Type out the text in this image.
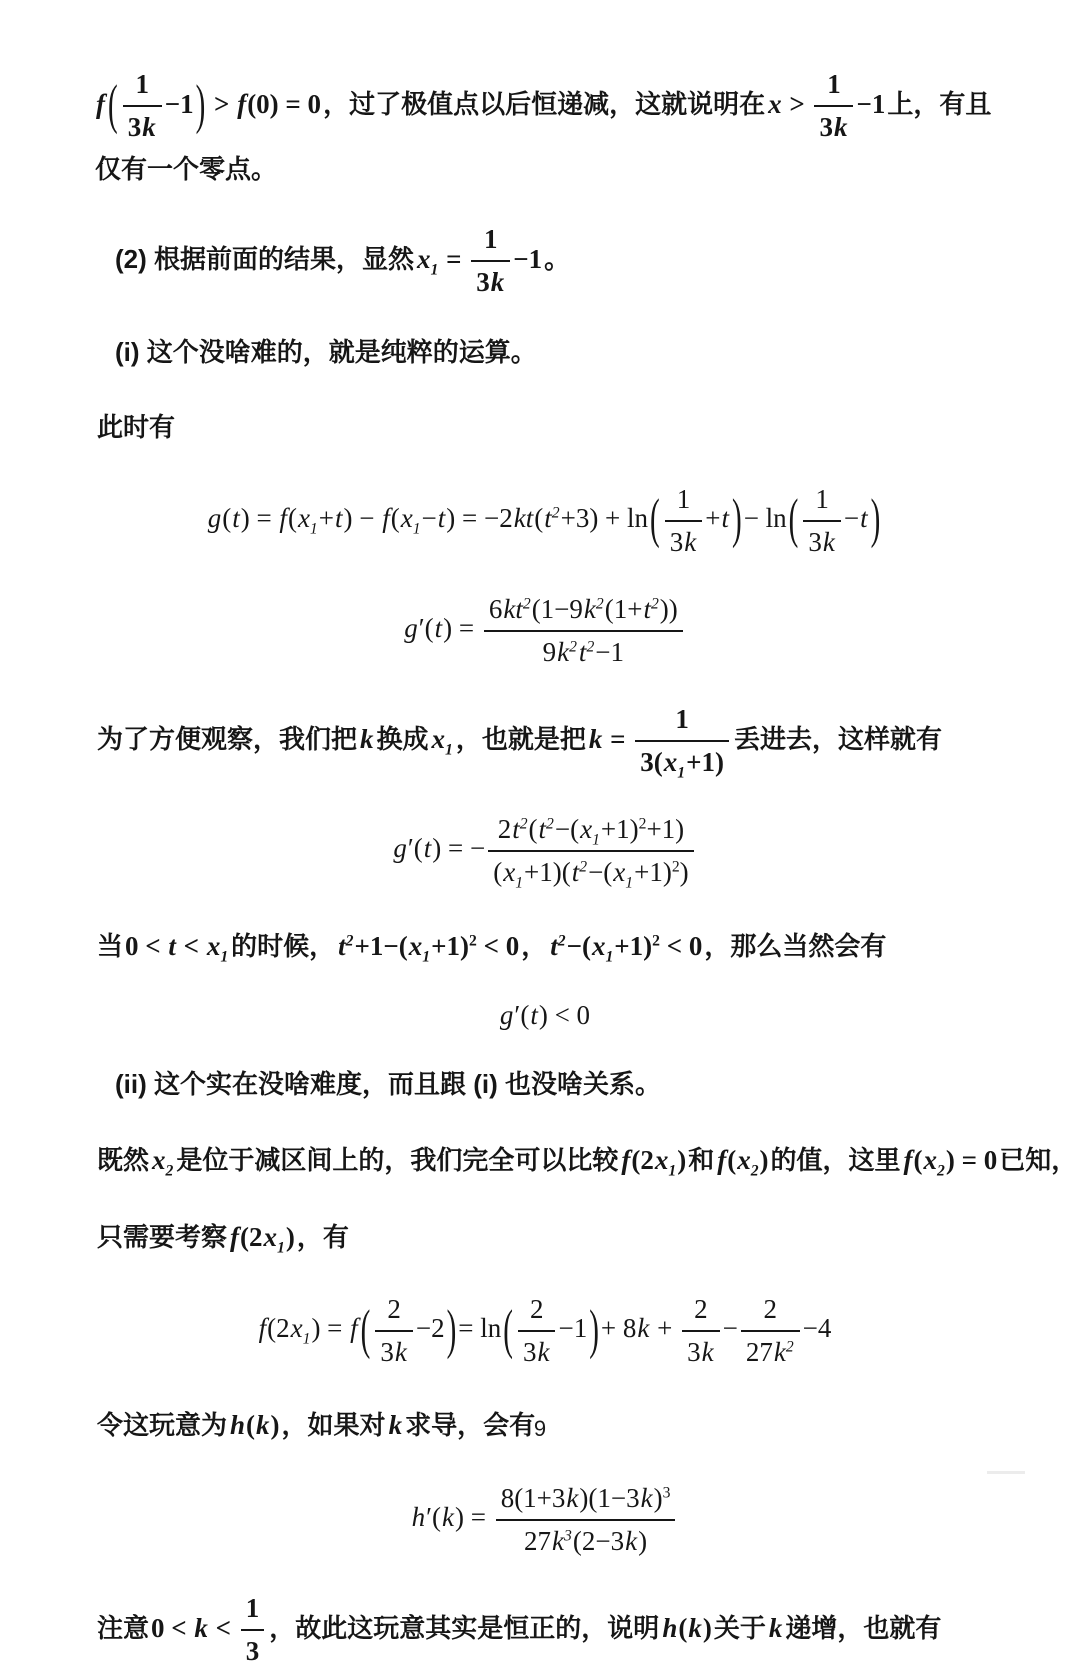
f ( $\frac{1}{3k} -1) > f(0) = 0$，过了极值点以后恒递减，这就说明在 $x > \frac{1}{3k} -1$上，有且仅有一个零点。
(2) 根据前面的结果，显然 $x_1 = \frac{1}{3k} -1$。
(i) 这个没啥难的，就是纯粹的运算。
此时有
$g(t) = f(x_1+t) - f(x_1-t) = -2kt(t^2+3) + \ln( \frac{1}{3k} +t$ )− $\ln( \frac{1}{3k} -t$ )
$g'(t) = \frac{6kt^2(1-9k^2(1+t^2))}{9k^2t^2-1}$
为了方便观察，我们把 k 换成 $x_1$ ，也就是把 $k = \frac{1}{3(x_1+1)}$ 丢进去，这样就有
g′(t) = − $\frac{2t^2(t^2-(x_1+1)^2+1)}{(x_1+1)(t^2-(x_1+1)^2)}$
当$0 < t < x_1$ 的时候， $t^2+1-(x_1+1)^2 < 0$， $t^2-(x_1+1)^2 < 0$，那么当然会有
g′(t) < 0
(ii) 这个实在没啥难度，而且跟 (i) 也没啥关系。
既然 $x_2$ 是位于减区间上的，我们完全可以比较 $f(2x_1)$和 $f(x_2)$的值，这里 $f(x_2) = 0$已知，
只需要考察 $f(2x_1)$，有
$f(2x_1) = f$ ( $\frac{2}{3k} -2)= \ln( \frac{2}{3k} -1)+ 8k + \frac{2}{3k} - \frac{2}{27k^2} -4$
令这玩意为 h(k)，如果对 k 求导，会有
$h'(k) = \frac{8(1+3k)(1-3k)^3}{27k^3(2-3k)}$
注意$0 < k < \frac{1}{3}$ ，故此这玩意其实是恒正的，说明 h(k)关于 k 递增，也就有
9
